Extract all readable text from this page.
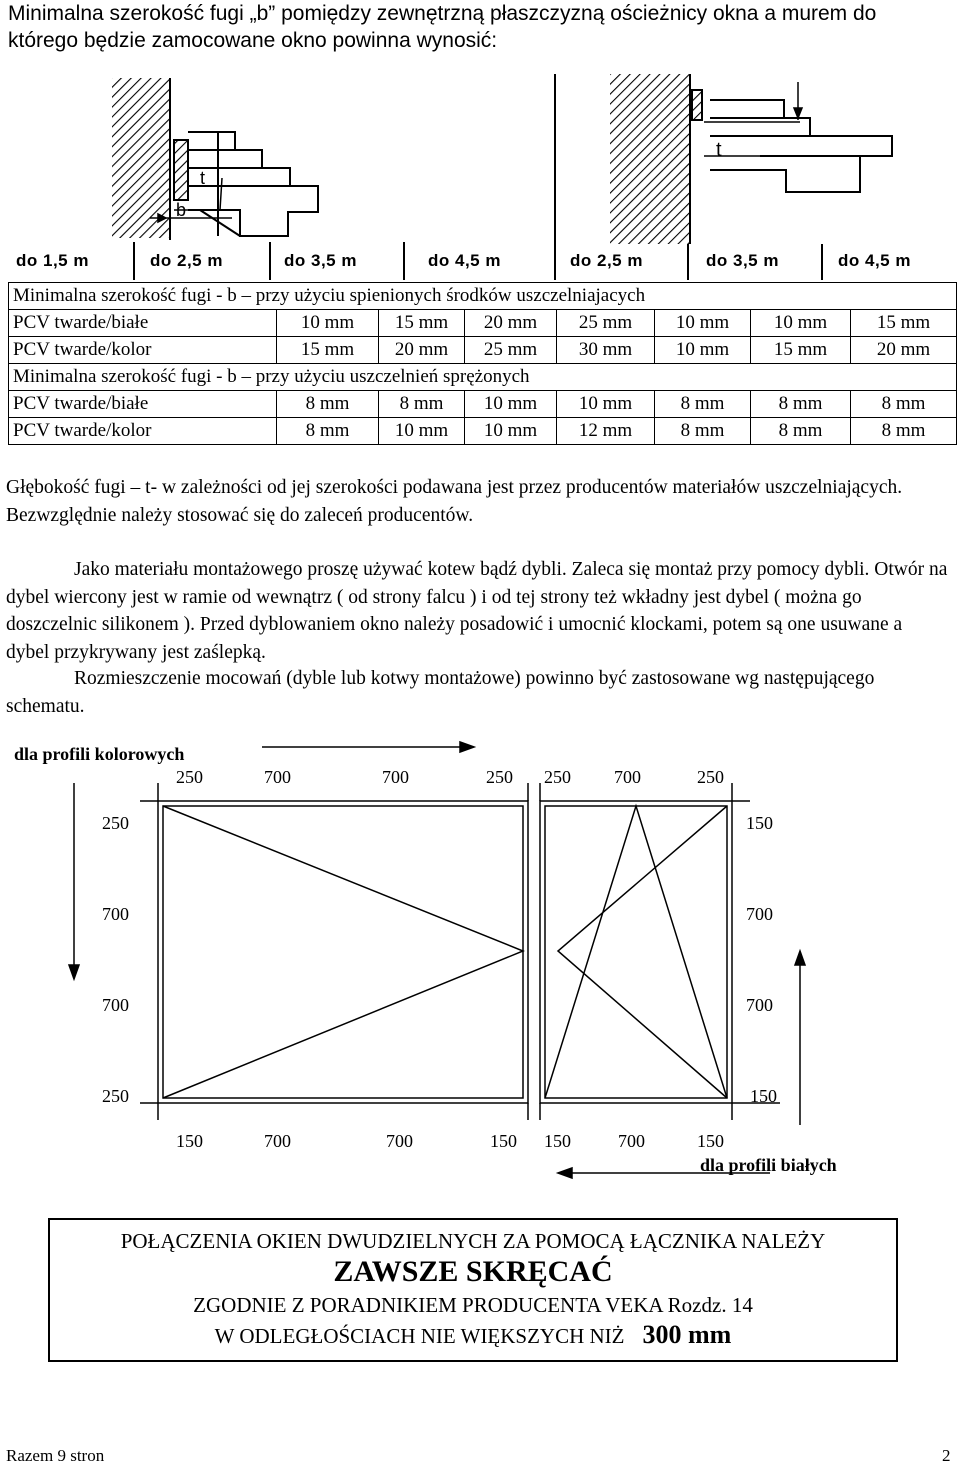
Minimalna szerokość fugi „b” pomiędzy zewnętrzną płaszczyzną ościeżnicy okna a murem do którego będzie zamocowane okno powinna wynosić:
t
b
t
do 1,5 m	do 2,5 m	do 3,5 m	do 4,5 m	do 2,5 m	do 3,5 m	do 4,5 m
Minimalna szerokość fugi - b – przy użyciu spienionych środków uszczelniajacych							
PCV twarde/białe	10 mm	15 mm	20 mm	25 mm	10 mm	10 mm	15 mm
PCV twarde/kolor	15 mm	20 mm	25 mm	30 mm	10 mm	15 mm	20 mm
Minimalna szerokość fugi - b – przy użyciu uszczelnień sprężonych							
PCV twarde/białe	8 mm	8 mm	10 mm	10 mm	8 mm	8 mm	8 mm
PCV twarde/kolor	8 mm	10 mm	10 mm	12 mm	8 mm	8 mm	8 mm

Głębokość fugi – t- w zależności od jej szerokości podawana jest przez producentów materiałów uszczelniających. Bezwzględnie należy stosować się do zaleceń producentów.

Jako materiału montażowego proszę używać kotew bądź dybli. Zaleca się montaż przy pomocy dybli. Otwór na dybel wiercony jest w ramie od wewnątrz ( od strony falcu ) i od tej strony też wkładny jest dybel ( można go doszczelnic silikonem ). Przed dyblowaniem okno należy posadowić i umocnić klockami, potem są one usuwane a dybel przykrywany jest zaślepką.

Rozmieszczenie mocowań (dyble lub kotwy montażowe) powinno być zastosowane wg następującego schematu.

dla profili kolorowych
dla profili białych
250	700	700	250 250 700	250
150	700	700	150 150	700	150
250
700
700
250
150
700
700
150
POŁĄCZENIA OKIEN DWUDZIELNYCH ZA POMOCĄ ŁĄCZNIKA NALEŻY
ZAWSZE SKRĘCAĆ
ZGODNIE Z PORADNIKIEM PRODUCENTA VEKA Rozdz. 14
W ODLEGŁOŚCIACH NIE WIĘKSZYCH NIŻ 300 mm
Razem 9 stron	2
